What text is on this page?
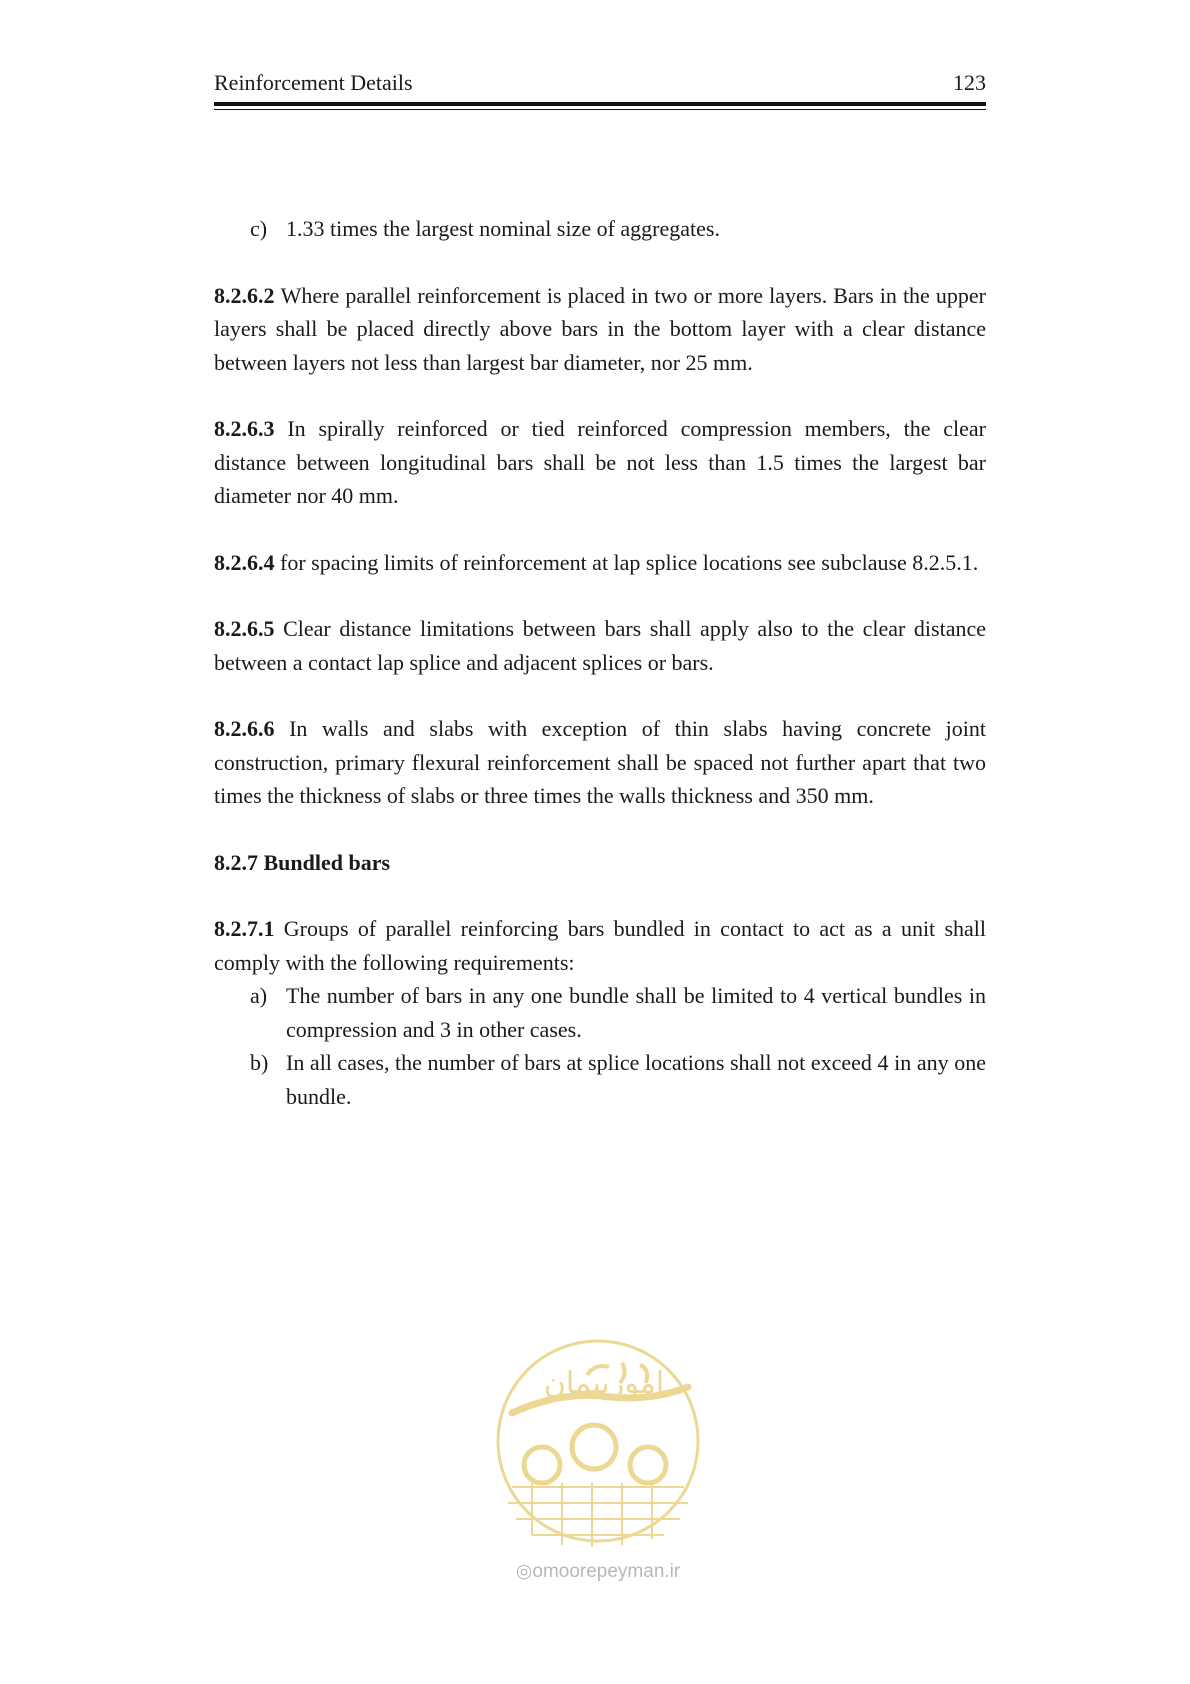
Reinforcement Details	123

c) 1.33 times the largest nominal size of aggregates.

8.2.6.2 Where parallel reinforcement is placed in two or more layers. Bars in the upper layers shall be placed directly above bars in the bottom layer with a clear distance between layers not less than largest bar diameter, nor 25 mm.

8.2.6.3 In spirally reinforced or tied reinforced compression members, the clear distance between longitudinal bars shall be not less than 1.5 times the largest bar diameter nor 40 mm.

8.2.6.4 for spacing limits of reinforcement at lap splice locations see subclause 8.2.5.1.

8.2.6.5 Clear distance limitations between bars shall apply also to the clear distance between a contact lap splice and adjacent splices or bars.

8.2.6.6 In walls and slabs with exception of thin slabs having concrete joint construction, primary flexural reinforcement shall be spaced not further apart that two times the thickness of slabs or three times the walls thickness and 350 mm.

8.2.7 Bundled bars

8.2.7.1 Groups of parallel reinforcing bars bundled in contact to act as a unit shall comply with the following requirements:

a) The number of bars in any one bundle shall be limited to 4 vertical bundles in compression and 3 in other cases.

b) In all cases, the number of bars at splice locations shall not exceed 4 in any one bundle.

امورپیمان
◎omoorepeyman.ir
